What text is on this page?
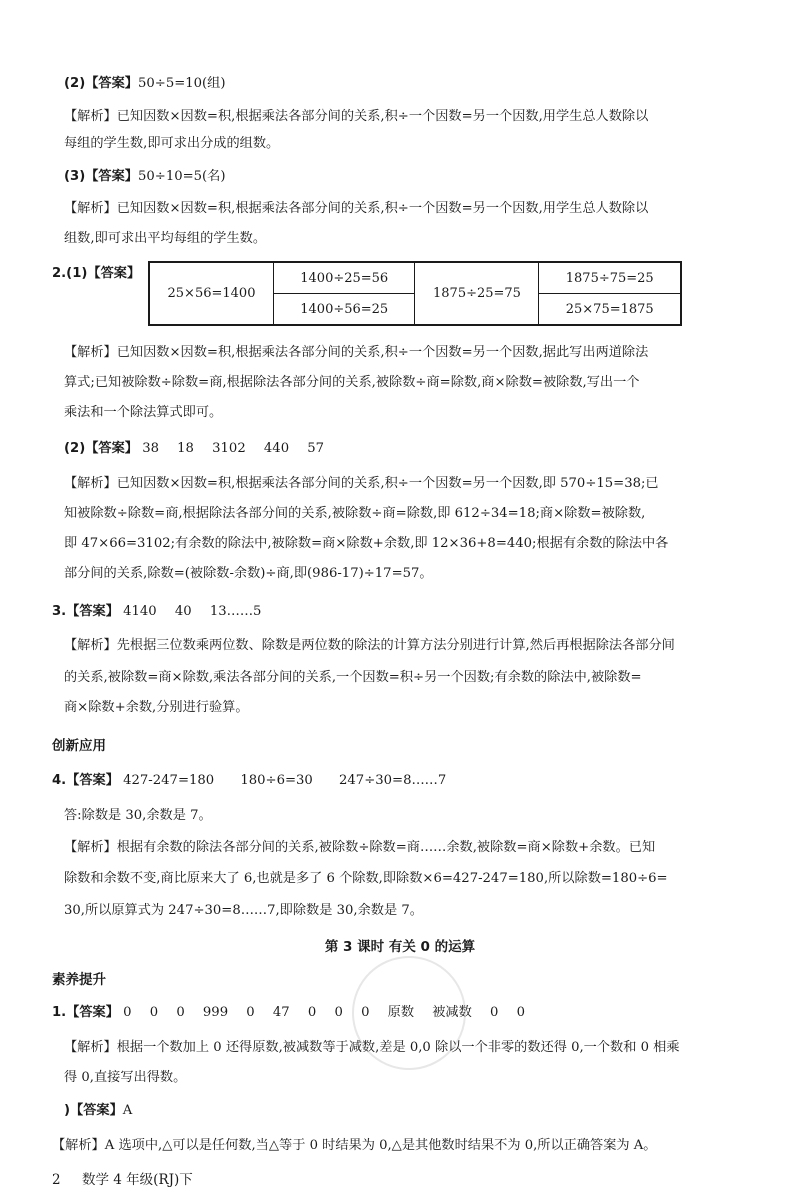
(2)【答案】50÷5=10(组)
【解析】已知因数×因数=积,根据乘法各部分间的关系,积÷一个因数=另一个因数,用学生总人数除以
每组的学生数,即可求出分成的组数。
(3)【答案】50÷10=5(名)
【解析】已知因数×因数=积,根据乘法各部分间的关系,积÷一个因数=另一个因数,用学生总人数除以
组数,即可求出平均每组的学生数。
2.(1)【答案】
25×56=1400	1400÷25=56	1875÷25=75	1875÷75=25
	1400÷56=25		25×75=1875
【解析】已知因数×因数=积,根据乘法各部分间的关系,积÷一个因数=另一个因数,据此写出两道除法
算式;已知被除数÷除数=商,根据除法各部分间的关系,被除数÷商=除数,商×除数=被除数,写出一个
乘法和一个除法算式即可。
(2)【答案】 38 18 3102 440 57
【解析】已知因数×因数=积,根据乘法各部分间的关系,积÷一个因数=另一个因数,即 570÷15=38;已
知被除数÷除数=商,根据除法各部分间的关系,被除数÷商=除数,即 612÷34=18;商×除数=被除数,
即 47×66=3102;有余数的除法中,被除数=商×除数+余数,即 12×36+8=440;根据有余数的除法中各
部分间的关系,除数=(被除数-余数)÷商,即(986-17)÷17=57。
3.【答案】 4140 40 13……5
【解析】先根据三位数乘两位数、除数是两位数的除法的计算方法分别进行计算,然后再根据除法各部分间
的关系,被除数=商×除数,乘法各部分间的关系,一个因数=积÷另一个因数;有余数的除法中,被除数=
商×除数+余数,分别进行验算。
创新应用
4.【答案】 427-247=180 180÷6=30 247÷30=8……7
答:除数是 30,余数是 7。
【解析】根据有余数的除法各部分间的关系,被除数÷除数=商……余数,被除数=商×除数+余数。已知
除数和余数不变,商比原来大了 6,也就是多了 6 个除数,即除数×6=427-247=180,所以除数=180÷6=
30,所以原算式为 247÷30=8……7,即除数是 30,余数是 7。
第 3 课时 有关 0 的运算
素养提升
1.【答案】 0 0 0 999 0 47 0 0 0 原数 被减数 0 0
【解析】根据一个数加上 0 还得原数,被减数等于减数,差是 0,0 除以一个非零的数还得 0,一个数和 0 相乘
得 0,直接写出得数。
)【答案】A
【解析】A 选项中,△可以是任何数,当△等于 0 时结果为 0,△是其他数时结果不为 0,所以正确答案为 A。
2 数学 4 年级(RJ)下
